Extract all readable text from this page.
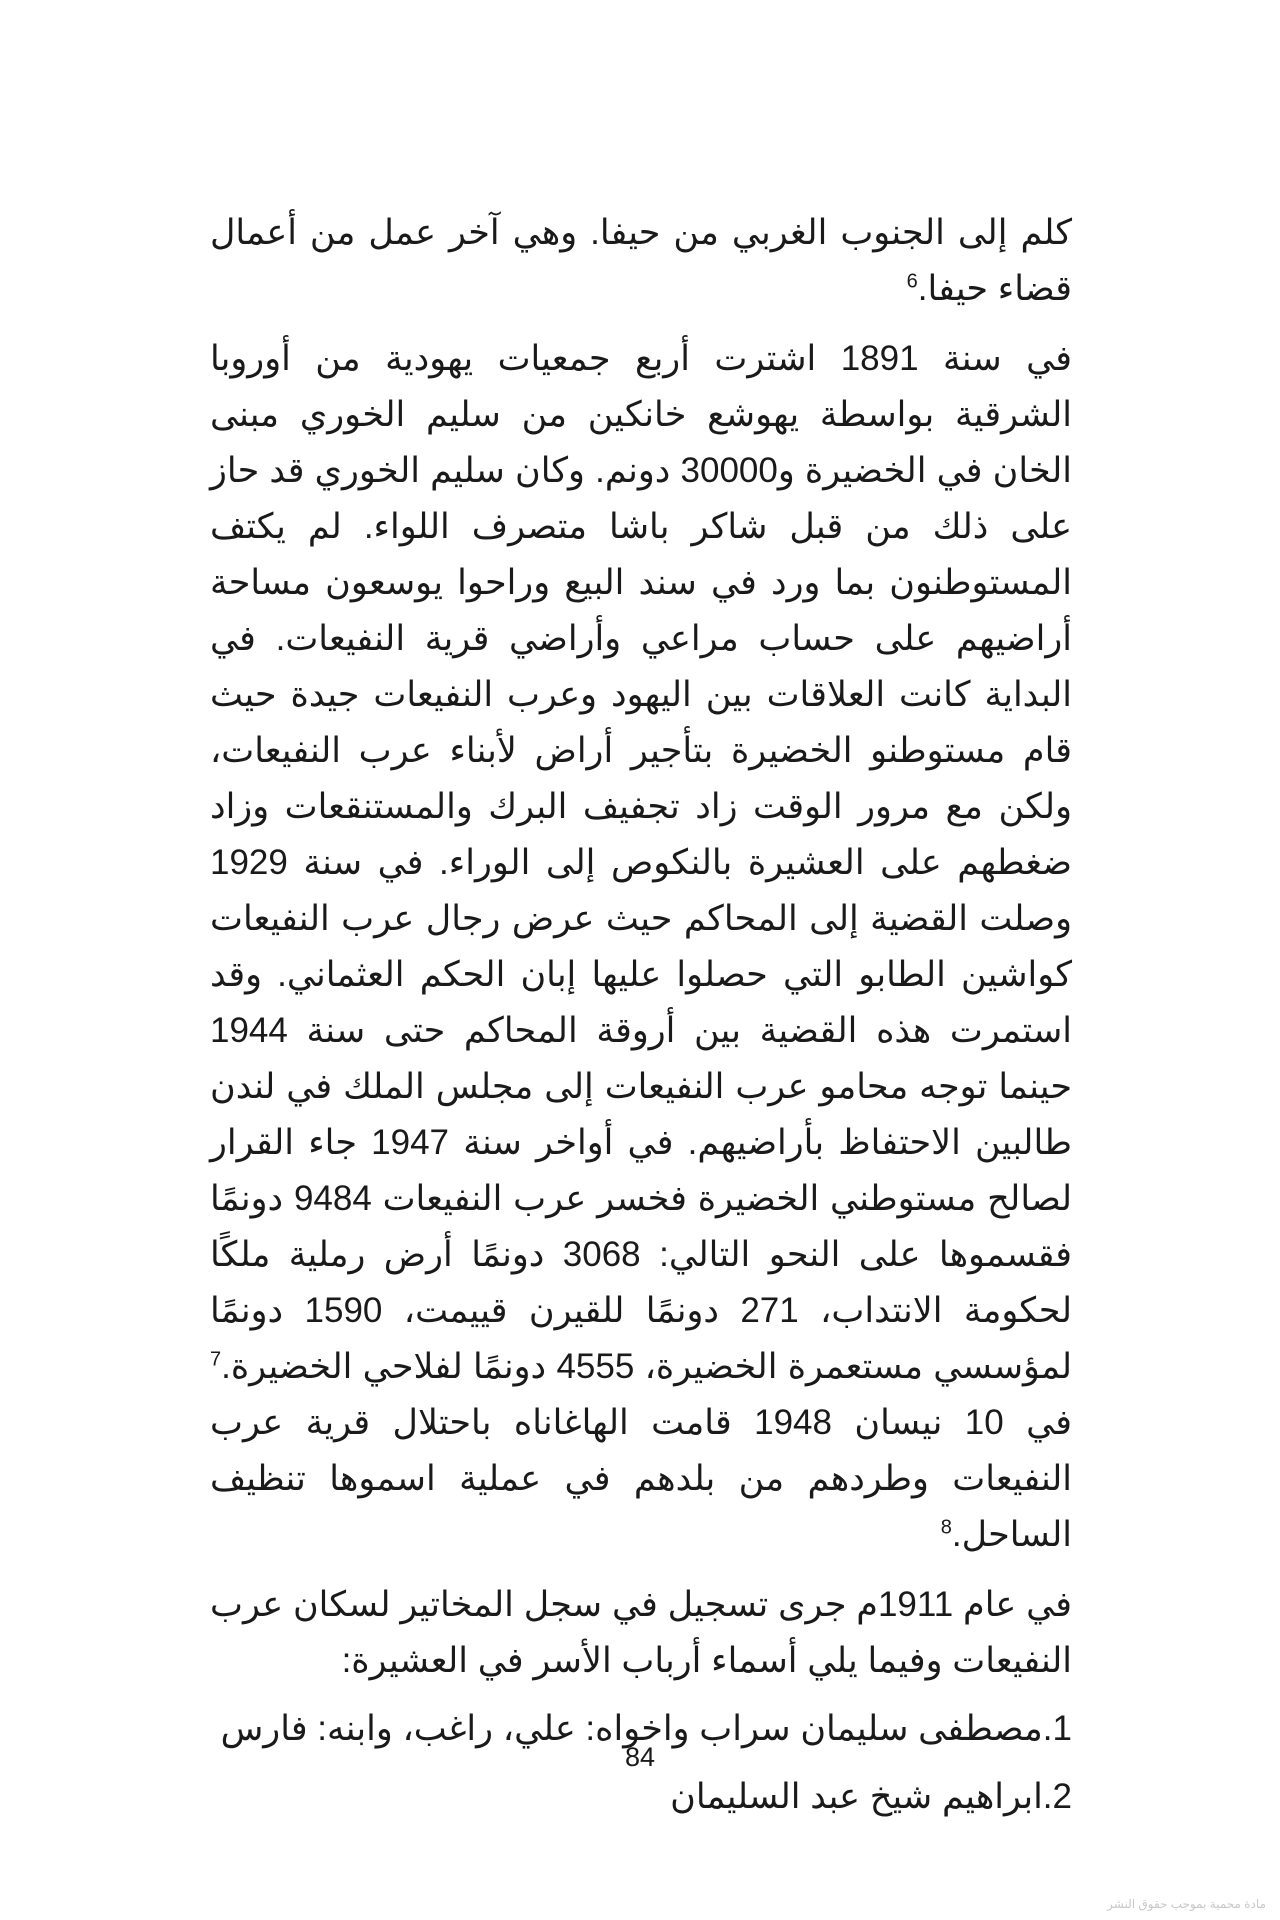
كلم إلى الجنوب الغربي من حيفا. وهي آخر عمل من أعمال قضاء حيفا.$^6$

في سنة 1891 اشترت أربع جمعيات يهودية من أوروبا الشرقية بواسطة يهوشع خانكين من سليم الخوري مبنى الخان في الخضيرة و30000 دونم. وكان سليم الخوري قد حاز على ذلك من قبل شاكر باشا متصرف اللواء. لم يكتف المستوطنون بما ورد في سند البيع وراحوا يوسعون مساحة أراضيهم على حساب مراعي وأراضي قرية النفيعات. في البداية كانت العلاقات بين اليهود وعرب النفيعات جيدة حيث قام مستوطنو الخضيرة بتأجير أراض لأبناء عرب النفيعات، ولكن مع مرور الوقت زاد تجفيف البرك والمستنقعات وزاد ضغطهم على العشيرة بالنكوص إلى الوراء. في سنة 1929 وصلت القضية إلى المحاكم حيث عرض رجال عرب النفيعات كواشين الطابو التي حصلوا عليها إبان الحكم العثماني. وقد استمرت هذه القضية بين أروقة المحاكم حتى سنة 1944 حينما توجه محامو عرب النفيعات إلى مجلس الملك في لندن طالبين الاحتفاظ بأراضيهم. في أواخر سنة 1947 جاء القرار لصالح مستوطني الخضيرة فخسر عرب النفيعات 9484 دونمًا فقسموها على النحو التالي: 3068 دونمًا أرض رملية ملكًا لحكومة الانتداب، 271 دونمًا للقيرن قييمت، 1590 دونمًا لمؤسسي مستعمرة الخضيرة، 4555 دونمًا لفلاحي الخضيرة.$^7$ في 10 نيسان 1948 قامت الهاغاناه باحتلال قرية عرب النفيعات وطردهم من بلدهم في عملية اسموها تنظيف الساحل.$^8$

في عام 1911م جرى تسجيل في سجل المخاتير لسكان عرب النفيعات وفيما يلي أسماء أرباب الأسر في العشيرة:

1.مصطفى سليمان سراب واخواه: علي، راغب، وابنه: فارس
2.ابراهيم شيخ عبد السليمان
84
مادة محمية بموجب حقوق النشر
